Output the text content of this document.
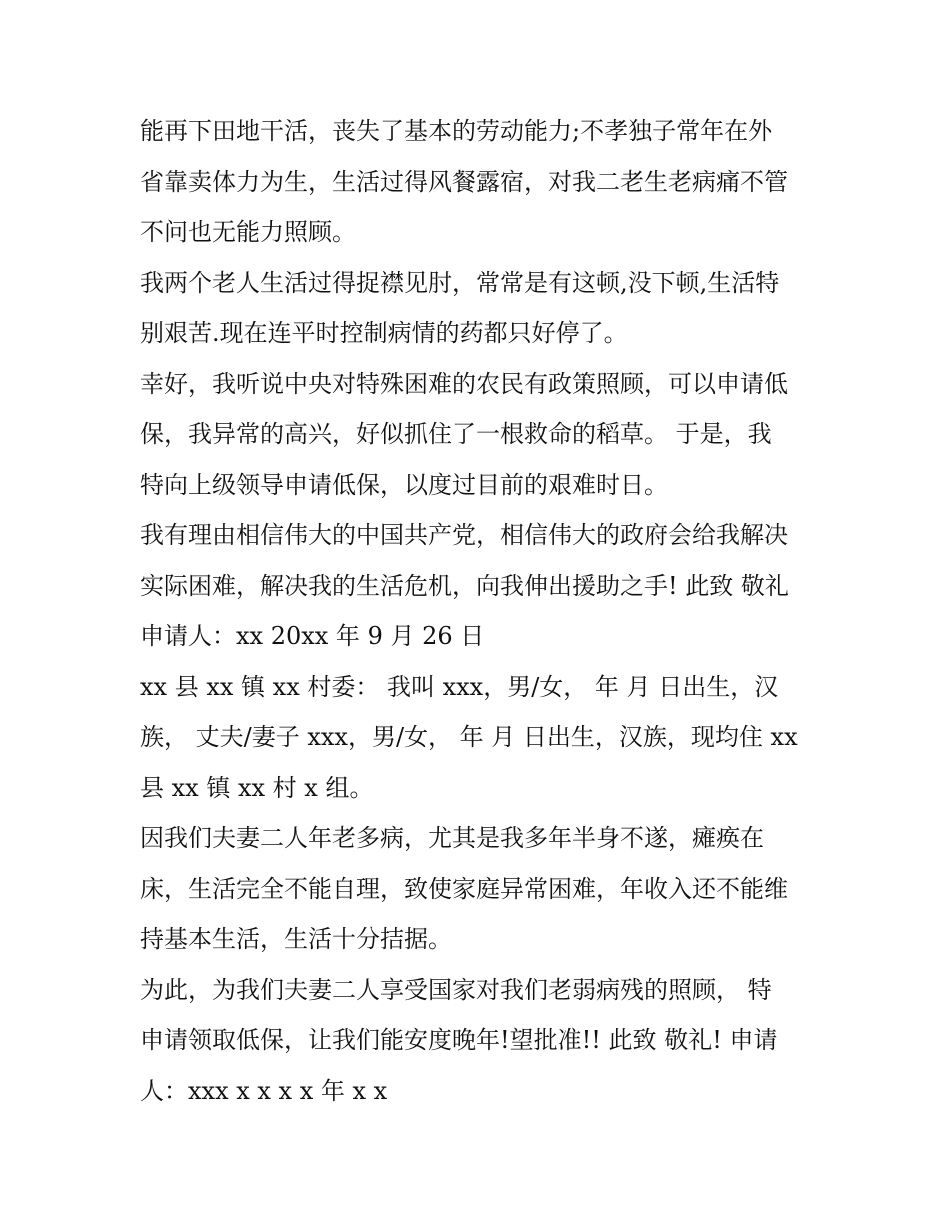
能再下田地干活，丧失了基本的劳动能力;不孝独子常年在外
省靠卖体力为生，生活过得风餐露宿，对我二老生老病痛不管
不问也无能力照顾。
我两个老人生活过得捉襟见肘，常常是有这顿,没下顿,生活特
别艰苦.现在连平时控制病情的药都只好停了。
幸好，我听说中央对特殊困难的农民有政策照顾，可以申请低
保，我异常的高兴，好似抓住了一根救命的稻草。 于是，我
特向上级领导申请低保，以度过目前的艰难时日。
我有理由相信伟大的中国共产党，相信伟大的政府会给我解决
实际困难，解决我的生活危机，向我伸出援助之手! 此致 敬礼
申请人：xx 20xx 年 9 月 26 日
xx 县 xx 镇 xx 村委： 我叫 xxx，男/女， 年 月 日出生，汉
族， 丈夫/妻子 xxx，男/女， 年 月 日出生，汉族，现均住 xx
县 xx 镇 xx 村 x 组。
因我们夫妻二人年老多病，尤其是我多年半身不遂，瘫痪在
床，生活完全不能自理，致使家庭异常困难，年收入还不能维
持基本生活，生活十分拮据。
为此，为我们夫妻二人享受国家对我们老弱病残的照顾， 特
申请领取低保，让我们能安度晚年!望批准!! 此致 敬礼! 申请
人：xxx x x x x 年 x x
